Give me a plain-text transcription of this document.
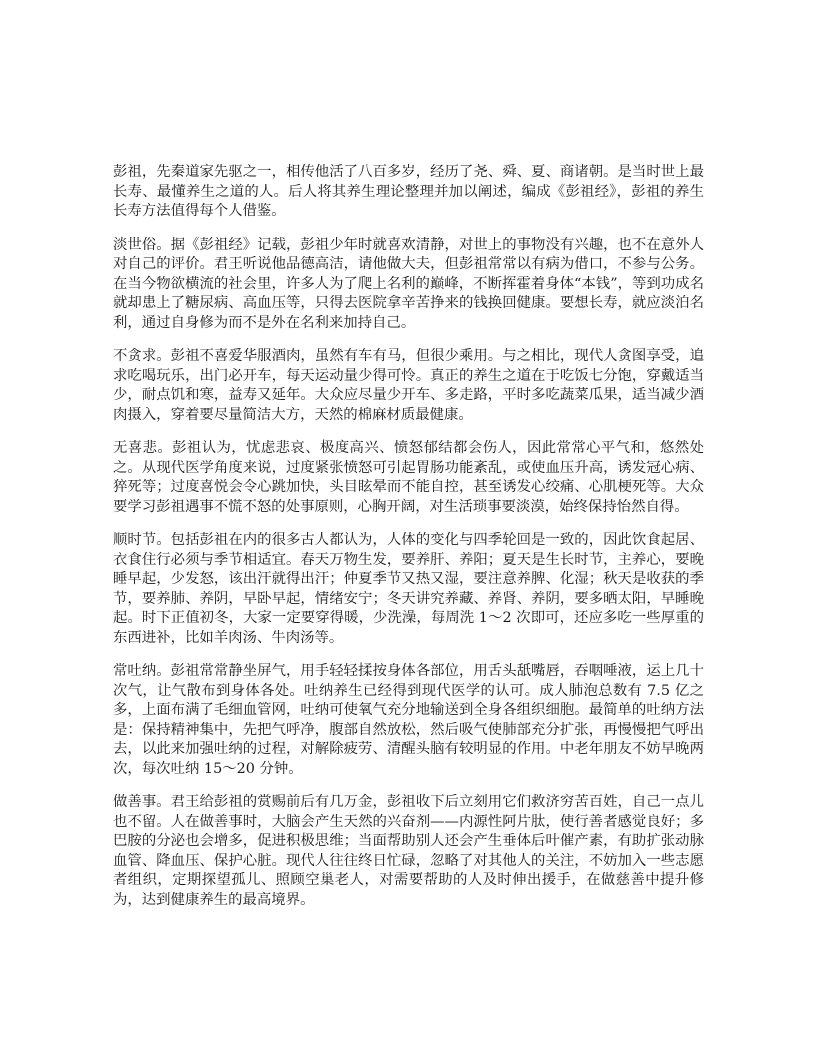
彭祖，先秦道家先驱之一，相传他活了八百多岁，经历了尧、舜、夏、商诸朝。是当时世上最长寿、最懂养生之道的人。后人将其养生理论整理并加以阐述，编成《彭祖经》，彭祖的养生长寿方法值得每个人借鉴。

淡世俗。据《彭祖经》记载，彭祖少年时就喜欢清静，对世上的事物没有兴趣，也不在意外人对自己的评价。君王听说他品德高洁，请他做大夫，但彭祖常常以有病为借口，不参与公务。在当今物欲横流的社会里，许多人为了爬上名利的巅峰，不断挥霍着身体“本钱”，等到功成名就却患上了糖尿病、高血压等，只得去医院拿辛苦挣来的钱换回健康。要想长寿，就应淡泊名利，通过自身修为而不是外在名利来加持自己。

不贪求。彭祖不喜爱华服酒肉，虽然有车有马，但很少乘用。与之相比，现代人贪图享受，追求吃喝玩乐，出门必开车，每天运动量少得可怜。真正的养生之道在于吃饭七分饱，穿戴适当少，耐点饥和寒，益寿又延年。大众应尽量少开车、多走路，平时多吃蔬菜瓜果，适当减少酒肉摄入，穿着要尽量简洁大方，天然的棉麻材质最健康。

无喜悲。彭祖认为，忧虑悲哀、极度高兴、愤怒郁结都会伤人，因此常常心平气和，悠然处之。从现代医学角度来说，过度紧张愤怒可引起胃肠功能紊乱，或使血压升高，诱发冠心病、猝死等；过度喜悦会令心跳加快，头目眩晕而不能自控，甚至诱发心绞痛、心肌梗死等。大众要学习彭祖遇事不慌不怒的处事原则，心胸开阔，对生活琐事要淡漠，始终保持怡然自得。

顺时节。包括彭祖在内的很多古人都认为，人体的变化与四季轮回是一致的，因此饮食起居、衣食住行必须与季节相适宜。春天万物生发，要养肝、养阳；夏天是生长时节，主养心，要晚睡早起，少发怒，该出汗就得出汗；仲夏季节又热又湿，要注意养脾、化湿；秋天是收获的季节，要养肺、养阴，早卧早起，情绪安宁；冬天讲究养藏、养肾、养阴，要多晒太阳，早睡晚起。时下正值初冬，大家一定要穿得暖，少洗澡，每周洗 1～2 次即可，还应多吃一些厚重的东西进补，比如羊肉汤、牛肉汤等。

常吐纳。彭祖常常静坐屏气，用手轻轻揉按身体各部位，用舌头舐嘴唇，吞咽唾液，运上几十次气，让气散布到身体各处。吐纳养生已经得到现代医学的认可。成人肺泡总数有 7.5 亿之多，上面布满了毛细血管网，吐纳可使氧气充分地输送到全身各组织细胞。最简单的吐纳方法是：保持精神集中，先把气呼净，腹部自然放松，然后吸气使肺部充分扩张，再慢慢把气呼出去，以此来加强吐纳的过程，对解除疲劳、清醒头脑有较明显的作用。中老年朋友不妨早晚两次，每次吐纳 15～20 分钟。

做善事。君王给彭祖的赏赐前后有几万金，彭祖收下后立刻用它们救济穷苦百姓，自己一点儿也不留。人在做善事时，大脑会产生天然的兴奋剂——内源性阿片肽，使行善者感觉良好；多巴胺的分泌也会增多，促进积极思维；当面帮助别人还会产生垂体后叶催产素，有助扩张动脉血管、降血压、保护心脏。现代人往往终日忙碌，忽略了对其他人的关注，不妨加入一些志愿者组织，定期探望孤儿、照顾空巢老人，对需要帮助的人及时伸出援手，在做慈善中提升修为，达到健康养生的最高境界。
